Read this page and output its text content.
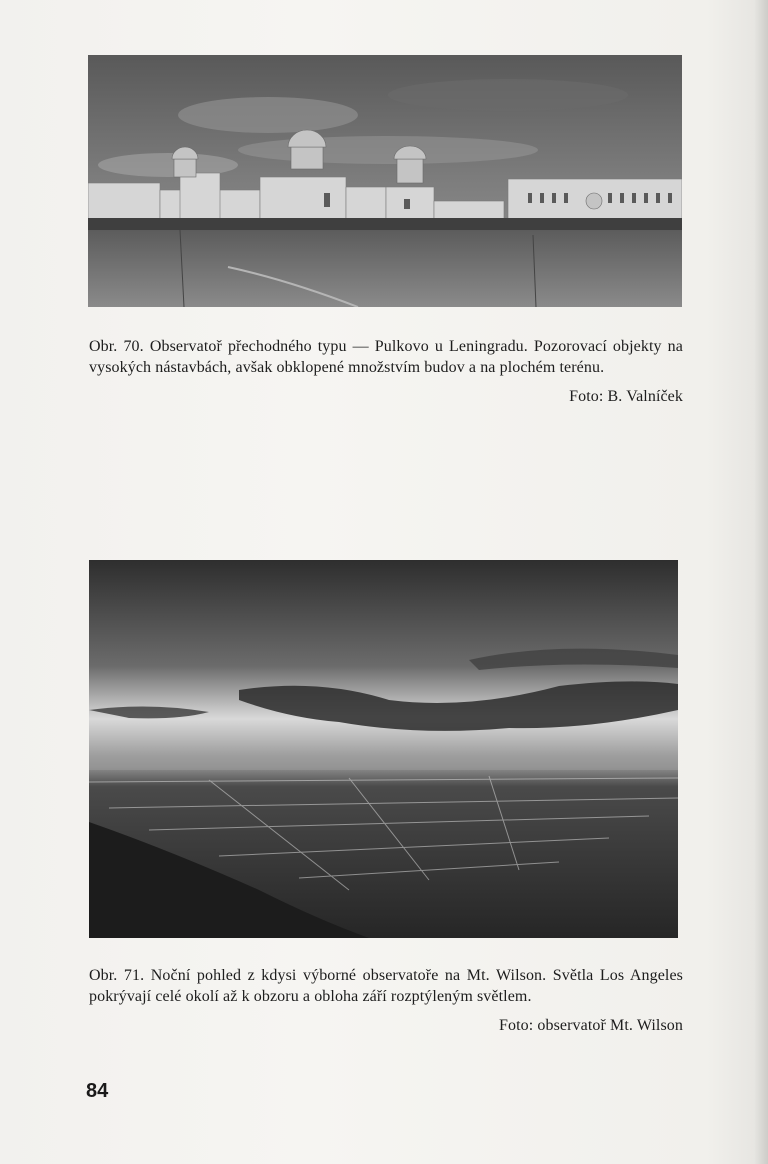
Obr. 70. Observatoř přechodného typu — Pulkovo u Leningradu. Pozorovací objekty na vysokých nástavbách, avšak obklopené množstvím budov a na plochém terénu.

Foto: B. Valníček

Obr. 71. Noční pohled z kdysi výborné observatoře na Mt. Wilson. Světla Los Angeles pokrývají celé okolí až k obzoru a obloha září rozptýleným světlem.

Foto: observatoř Mt. Wilson

84
